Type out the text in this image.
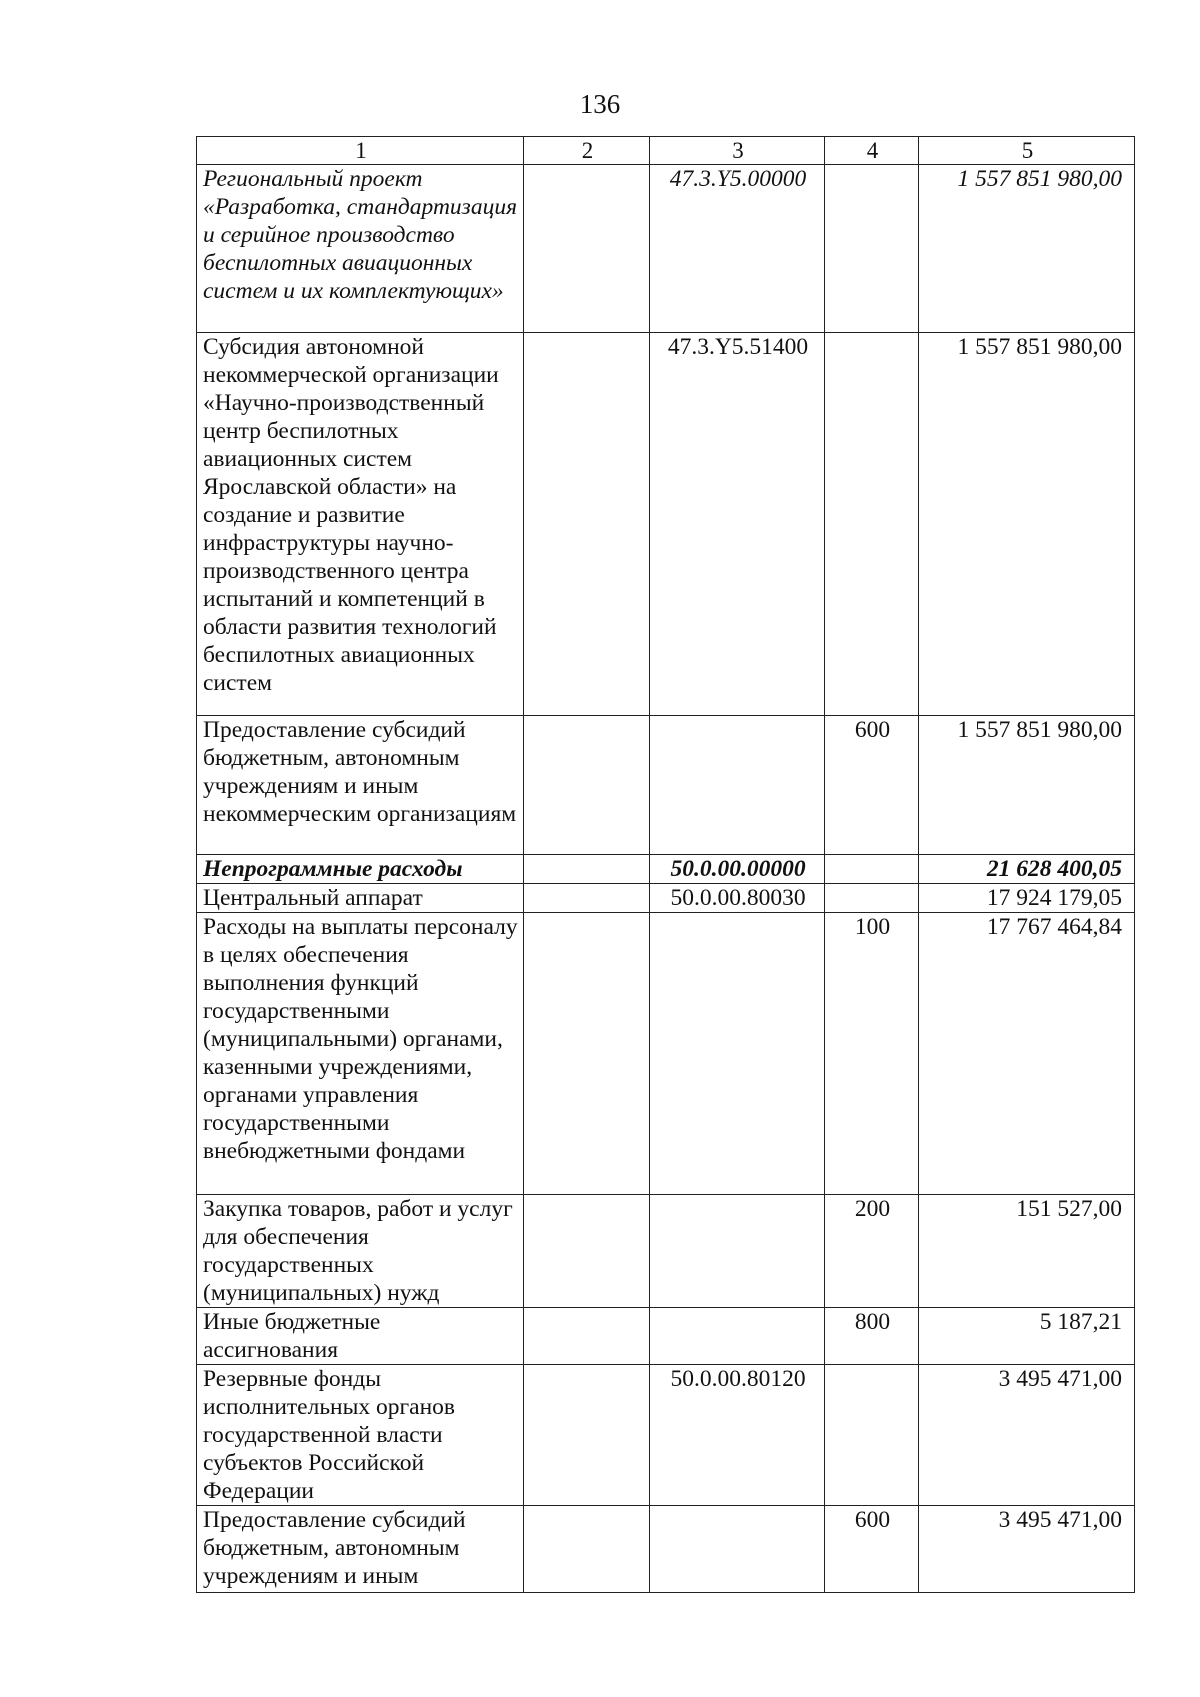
136
1	2	3	4	5
Региональный проект «Разработка, стандартизация и серийное производство беспилотных авиационных систем и их комплектующих»		47.3.Y5.00000		1 557 851 980,00
Субсидия автономной некоммерческой организации «Научно-производственный центр беспилотных авиационных систем Ярославской области» на создание и развитие инфраструктуры научно-производственного центра испытаний и компетенций в области развития технологий беспилотных авиационных систем		47.3.Y5.51400		1 557 851 980,00
Предоставление субсидий бюджетным, автономным учреждениям и иным некоммерческим организациям			600	1 557 851 980,00
Непрограммные расходы		50.0.00.00000		21 628 400,05
Центральный аппарат		50.0.00.80030		17 924 179,05
Расходы на выплаты персоналу в целях обеспечения выполнения функций государственными (муниципальными) органами, казенными учреждениями, органами управления государственными внебюджетными фондами			100	17 767 464,84
Закупка товаров, работ и услуг для обеспечения государственных (муниципальных) нужд			200	151 527,00
Иные бюджетные ассигнования			800	5 187,21
Резервные фонды исполнительных органов государственной власти субъектов Российской Федерации		50.0.00.80120		3 495 471,00
Предоставление субсидий бюджетным, автономным учреждениям и иным			600	3 495 471,00
